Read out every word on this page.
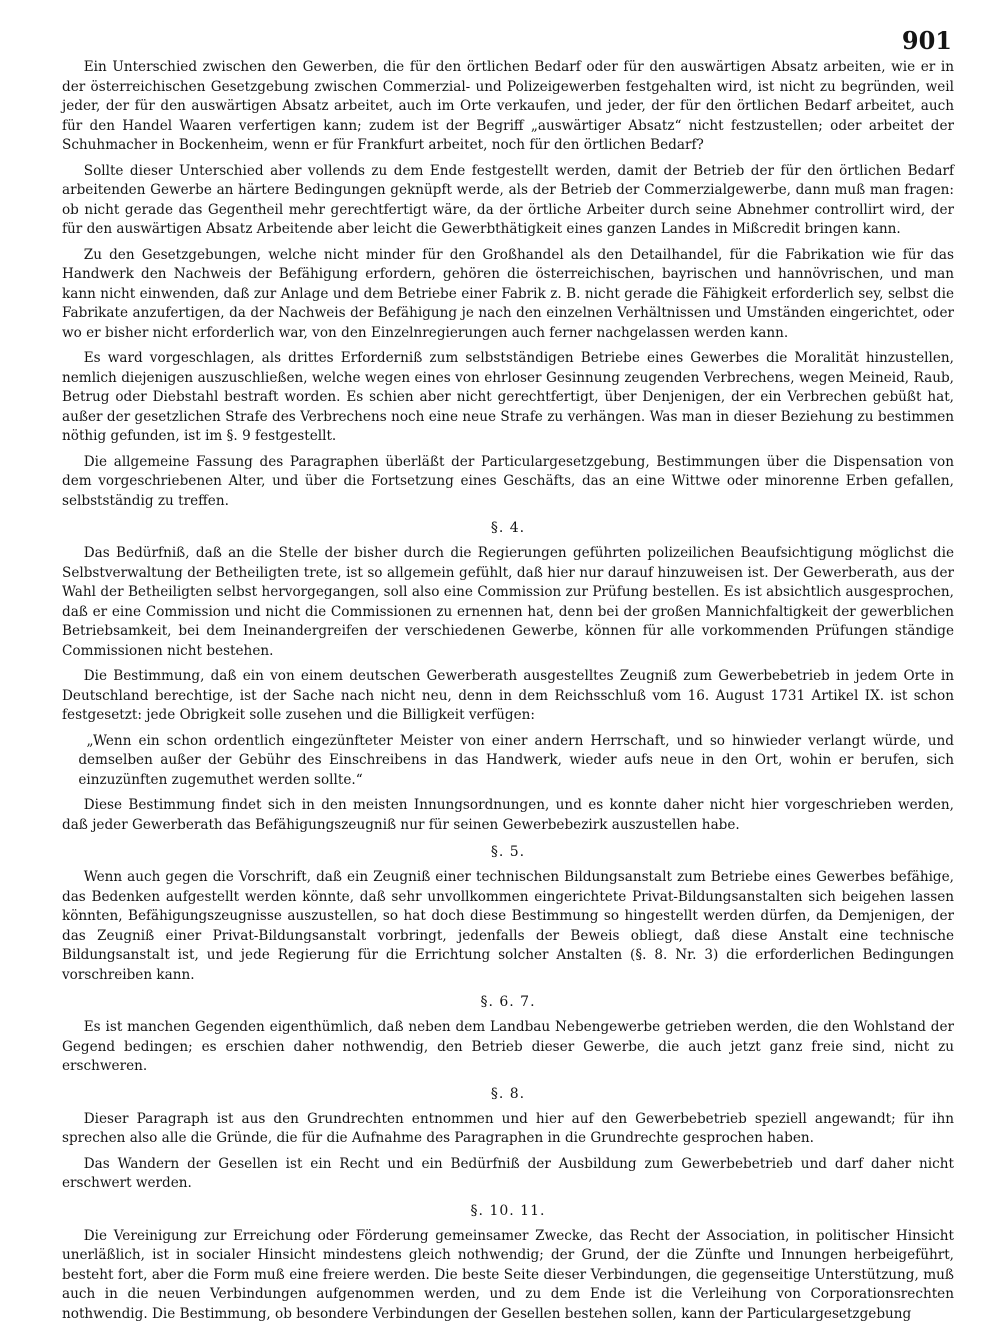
901

Ein Unterschied zwischen den Gewerben, die für den örtlichen Bedarf oder für den auswärtigen Absatz arbeiten, wie er in der österreichischen Gesetzgebung zwischen Commerzial- und Polizeigewerben festgehalten wird, ist nicht zu begründen, weil jeder, der für den auswärtigen Absatz arbeitet, auch im Orte verkaufen, und jeder, der für den örtlichen Bedarf arbeitet, auch für den Handel Waaren verfertigen kann; zudem ist der Begriff „auswärtiger Absatz“ nicht festzustellen; oder arbeitet der Schuhmacher in Bockenheim, wenn er für Frankfurt arbeitet, noch für den örtlichen Bedarf?

Sollte dieser Unterschied aber vollends zu dem Ende festgestellt werden, damit der Betrieb der für den örtlichen Bedarf arbeitenden Gewerbe an härtere Bedingungen geknüpft werde, als der Betrieb der Commerzialgewerbe, dann muß man fragen: ob nicht gerade das Gegentheil mehr gerechtfertigt wäre, da der örtliche Arbeiter durch seine Abnehmer controllirt wird, der für den auswärtigen Absatz Arbeitende aber leicht die Gewerbthätigkeit eines ganzen Landes in Mißcredit bringen kann.

Zu den Gesetzgebungen, welche nicht minder für den Großhandel als den Detailhandel, für die Fabrikation wie für das Handwerk den Nachweis der Befähigung erfordern, gehören die österreichischen, bayrischen und hannövrischen, und man kann nicht einwenden, daß zur Anlage und dem Betriebe einer Fabrik z. B. nicht gerade die Fähigkeit erforderlich sey, selbst die Fabrikate anzufertigen, da der Nachweis der Befähigung je nach den einzelnen Verhältnissen und Umständen eingerichtet, oder wo er bisher nicht erforderlich war, von den Einzelnregierungen auch ferner nachgelassen werden kann.

Es ward vorgeschlagen, als drittes Erforderniß zum selbstständigen Betriebe eines Gewerbes die Moralität hinzustellen, nemlich diejenigen auszuschließen, welche wegen eines von ehrloser Gesinnung zeugenden Verbrechens, wegen Meineid, Raub, Betrug oder Diebstahl bestraft worden. Es schien aber nicht gerechtfertigt, über Denjenigen, der ein Verbrechen gebüßt hat, außer der gesetzlichen Strafe des Verbrechens noch eine neue Strafe zu verhängen. Was man in dieser Beziehung zu bestimmen nöthig gefunden, ist im §. 9 festgestellt.

Die allgemeine Fassung des Paragraphen überläßt der Particulargesetzgebung, Bestimmungen über die Dispensation von dem vorgeschriebenen Alter, und über die Fortsetzung eines Geschäfts, das an eine Wittwe oder minorenne Erben gefallen, selbstständig zu treffen.

§. 4.

Das Bedürfniß, daß an die Stelle der bisher durch die Regierungen geführten polizeilichen Beaufsichtigung möglichst die Selbstverwaltung der Betheiligten trete, ist so allgemein gefühlt, daß hier nur darauf hinzuweisen ist. Der Gewerberath, aus der Wahl der Betheiligten selbst hervorgegangen, soll also eine Commission zur Prüfung bestellen. Es ist absichtlich ausgesprochen, daß er eine Commission und nicht die Commissionen zu ernennen hat, denn bei der großen Mannichfaltigkeit der gewerblichen Betriebsamkeit, bei dem Ineinandergreifen der verschiedenen Gewerbe, können für alle vorkommenden Prüfungen ständige Commissionen nicht bestehen.

Die Bestimmung, daß ein von einem deutschen Gewerberath ausgestelltes Zeugniß zum Gewerbebetrieb in jedem Orte in Deutschland berechtige, ist der Sache nach nicht neu, denn in dem Reichsschluß vom 16. August 1731 Artikel IX. ist schon festgesetzt: jede Obrigkeit solle zusehen und die Billigkeit verfügen:

„Wenn ein schon ordentlich eingezünfteter Meister von einer andern Herrschaft, und so hinwieder verlangt würde, und demselben außer der Gebühr des Einschreibens in das Handwerk, wieder aufs neue in den Ort, wohin er berufen, sich einzuzünften zugemuthet werden sollte.“

Diese Bestimmung findet sich in den meisten Innungsordnungen, und es konnte daher nicht hier vorgeschrieben werden, daß jeder Gewerberath das Befähigungszeugniß nur für seinen Gewerbebezirk auszustellen habe.

§. 5.

Wenn auch gegen die Vorschrift, daß ein Zeugniß einer technischen Bildungsanstalt zum Betriebe eines Gewerbes befähige, das Bedenken aufgestellt werden könnte, daß sehr unvollkommen eingerichtete Privat-Bildungsanstalten sich beigehen lassen könnten, Befähigungszeugnisse auszustellen, so hat doch diese Bestimmung so hingestellt werden dürfen, da Demjenigen, der das Zeugniß einer Privat-Bildungsanstalt vorbringt, jedenfalls der Beweis obliegt, daß diese Anstalt eine technische Bildungsanstalt ist, und jede Regierung für die Errichtung solcher Anstalten (§. 8. Nr. 3) die erforderlichen Bedingungen vorschreiben kann.

§. 6. 7.

Es ist manchen Gegenden eigenthümlich, daß neben dem Landbau Nebengewerbe getrieben werden, die den Wohlstand der Gegend bedingen; es erschien daher nothwendig, den Betrieb dieser Gewerbe, die auch jetzt ganz freie sind, nicht zu erschweren.

§. 8.

Dieser Paragraph ist aus den Grundrechten entnommen und hier auf den Gewerbebetrieb speziell angewandt; für ihn sprechen also alle die Gründe, die für die Aufnahme des Paragraphen in die Grundrechte gesprochen haben.

Das Wandern der Gesellen ist ein Recht und ein Bedürfniß der Ausbildung zum Gewerbebetrieb und darf daher nicht erschwert werden.

§. 10. 11.

Die Vereinigung zur Erreichung oder Förderung gemeinsamer Zwecke, das Recht der Association, in politischer Hinsicht unerläßlich, ist in socialer Hinsicht mindestens gleich nothwendig; der Grund, der die Zünfte und Innungen herbeigeführt, besteht fort, aber die Form muß eine freiere werden. Die beste Seite dieser Verbindungen, die gegenseitige Unterstützung, muß auch in die neuen Verbindungen aufgenommen werden, und zu dem Ende ist die Verleihung von Corporationsrechten nothwendig. Die Bestimmung, ob besondere Verbindungen der Gesellen bestehen sollen, kann der Particulargesetzgebung
